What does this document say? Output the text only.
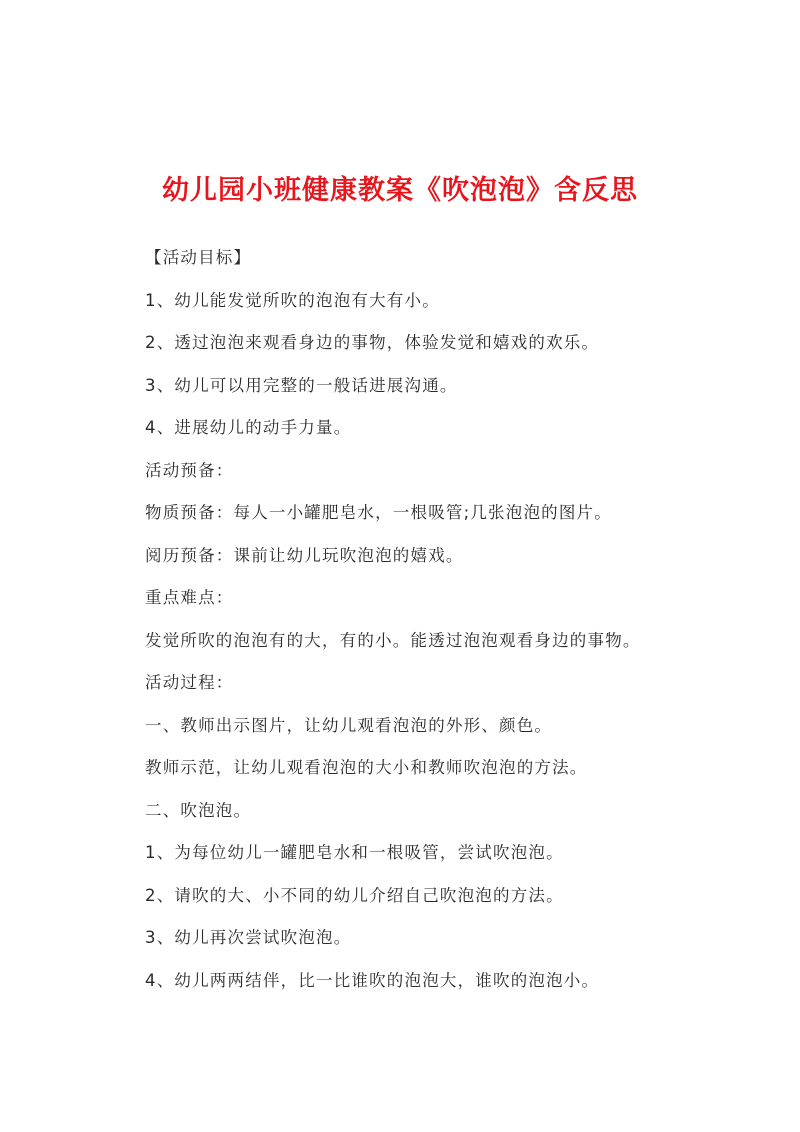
幼儿园小班健康教案《吹泡泡》含反思
【活动目标】
1、幼儿能发觉所吹的泡泡有大有小。
2、透过泡泡来观看身边的事物，体验发觉和嬉戏的欢乐。
3、幼儿可以用完整的一般话进展沟通。
4、进展幼儿的动手力量。
活动预备：
物质预备：每人一小罐肥皂水，一根吸管;几张泡泡的图片。
阅历预备：课前让幼儿玩吹泡泡的嬉戏。
重点难点：
发觉所吹的泡泡有的大，有的小。能透过泡泡观看身边的事物。
活动过程：
一、教师出示图片，让幼儿观看泡泡的外形、颜色。
教师示范，让幼儿观看泡泡的大小和教师吹泡泡的方法。
二、吹泡泡。
1、为每位幼儿一罐肥皂水和一根吸管，尝试吹泡泡。
2、请吹的大、小不同的幼儿介绍自己吹泡泡的方法。
3、幼儿再次尝试吹泡泡。
4、幼儿两两结伴，比一比谁吹的泡泡大，谁吹的泡泡小。
